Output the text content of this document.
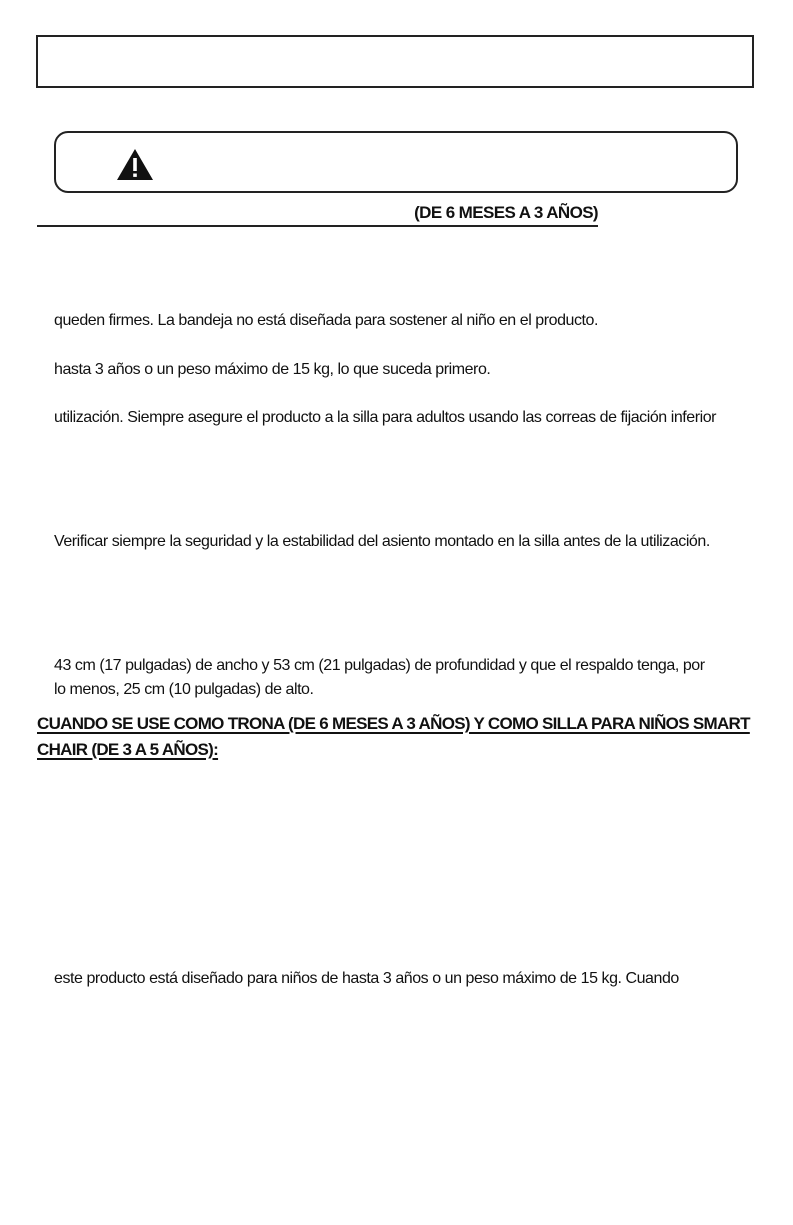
(DE 6 MESES A 3 AÑOS)
queden firmes. La bandeja no está diseñada para sostener al niño en el producto.
hasta 3 años o un peso máximo de 15 kg, lo que suceda primero.
utilización. Siempre asegure el producto a la silla para adultos usando las correas de fijación inferior
Verificar siempre la seguridad y la estabilidad del asiento montado en la silla antes de la utilización.
43 cm (17 pulgadas) de ancho y 53 cm (21 pulgadas) de profundidad y que el respaldo tenga, por
lo menos, 25 cm (10 pulgadas) de alto.
CUANDO SE USE COMO TRONA (DE 6 MESES A 3 AÑOS) Y COMO SILLA PARA NIÑOS SMART
CHAIR (DE 3 A 5 AÑOS):
este producto está diseñado para niños de hasta 3 años o un peso máximo de 15 kg. Cuando
